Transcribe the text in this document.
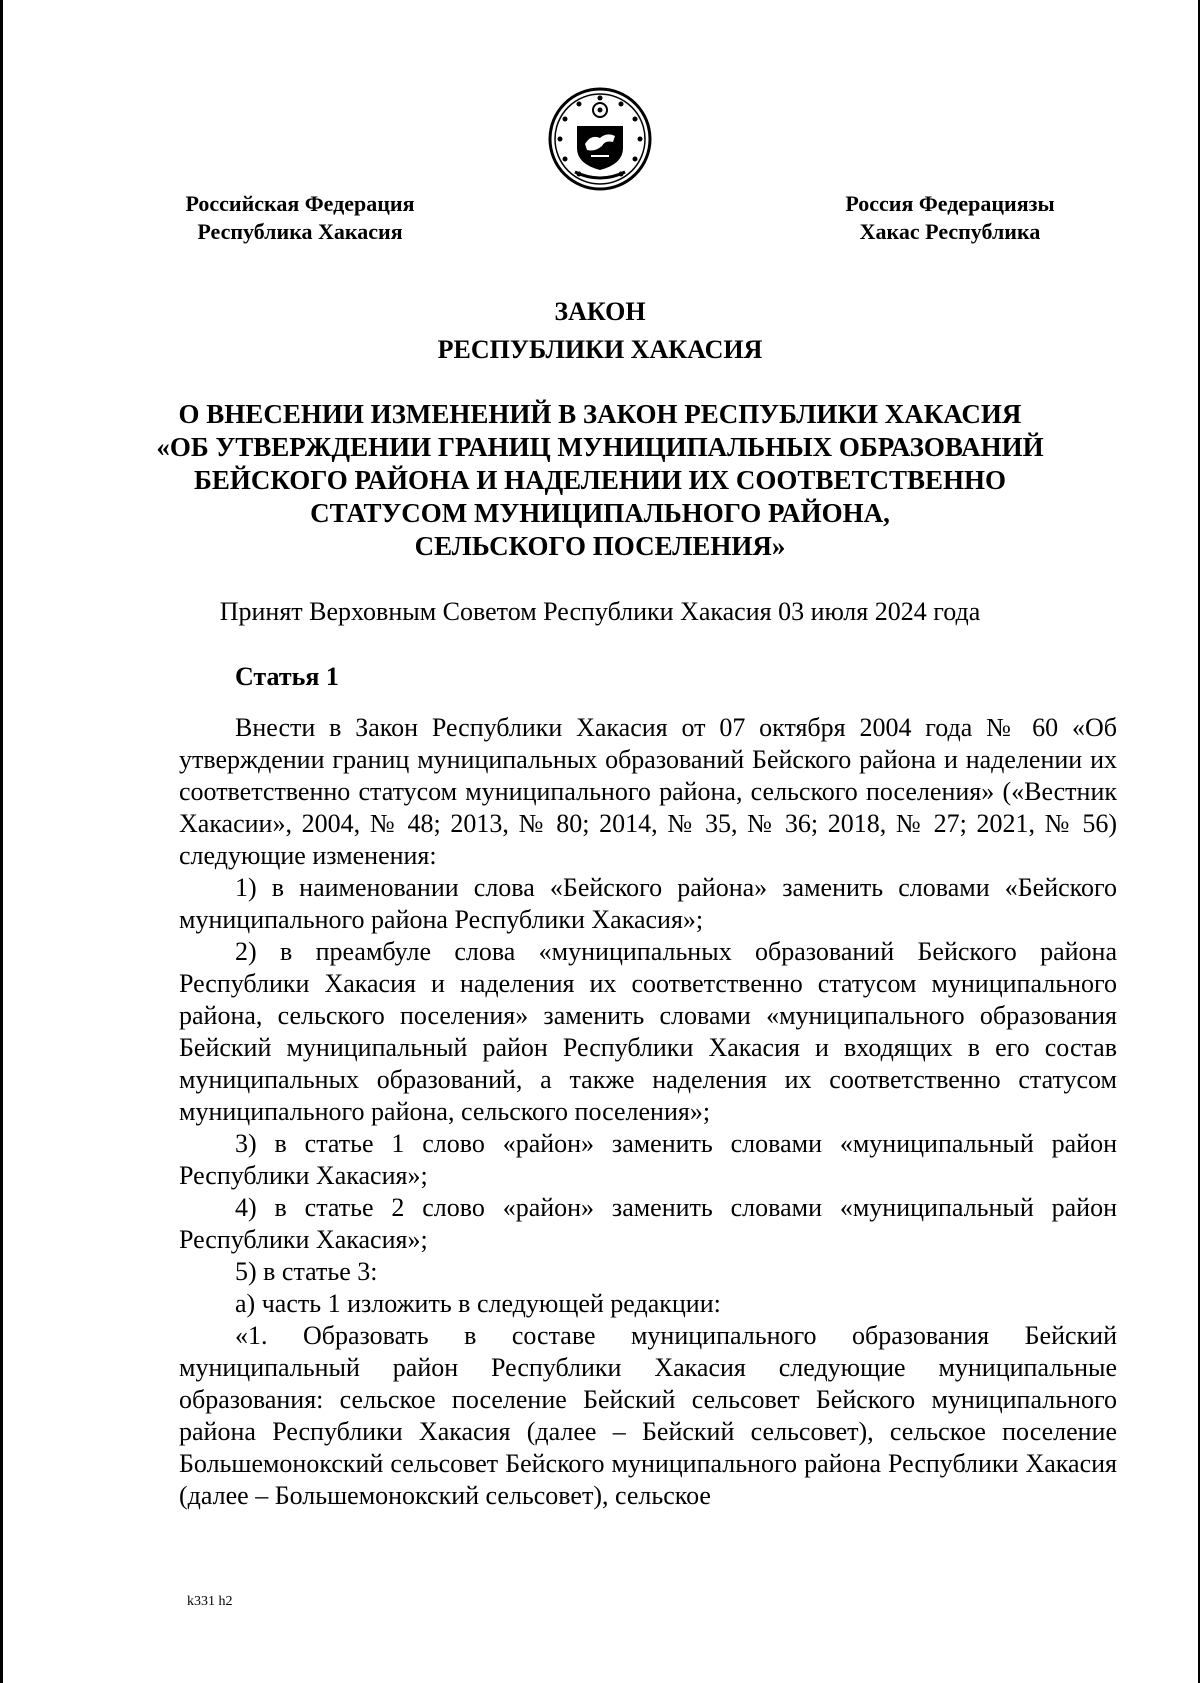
Российская Федерация
Республика Хакасия
Россия Федерациязы
Хакас Республика
ЗАКОН
РЕСПУБЛИКИ ХАКАСИЯ
О ВНЕСЕНИИ ИЗМЕНЕНИЙ В ЗАКОН РЕСПУБЛИКИ ХАКАСИЯ
«ОБ УТВЕРЖДЕНИИ ГРАНИЦ МУНИЦИПАЛЬНЫХ ОБРАЗОВАНИЙ
БЕЙСКОГО РАЙОНА И НАДЕЛЕНИИ ИХ СООТВЕТСТВЕННО
СТАТУСОМ МУНИЦИПАЛЬНОГО РАЙОНА,
СЕЛЬСКОГО ПОСЕЛЕНИЯ»
Принят Верховным Советом Республики Хакасия 03 июля 2024 года
Статья 1

Внести в Закон Республики Хакасия от 07 октября 2004 года № 60 «Об утверждении границ муниципальных образований Бейского района и наделении их соответственно статусом муниципального района, сельского поселения» («Вестник Хакасии», 2004, № 48; 2013, № 80; 2014, № 35, № 36; 2018, № 27; 2021, № 56) следующие изменения:

1) в наименовании слова «Бейского района» заменить словами «Бейского муниципального района Республики Хакасия»;

2) в преамбуле слова «муниципальных образований Бейского района Республики Хакасия и наделения их соответственно статусом муниципального района, сельского поселения» заменить словами «муниципального образования Бейский муниципальный район Республики Хакасия и входящих в его состав муниципальных образований, а также наделения их соответственно статусом муниципального района, сельского поселения»;

3) в статье 1 слово «район» заменить словами «муниципальный район Республики Хакасия»;

4) в статье 2 слово «район» заменить словами «муниципальный район Республики Хакасия»;

5) в статье 3:

а) часть 1 изложить в следующей редакции:

«1. Образовать в составе муниципального образования Бейский муниципальный район Республики Хакасия следующие муниципальные образования: сельское поселение Бейский сельсовет Бейского муниципального района Республики Хакасия (далее – Бейский сельсовет), сельское поселение Большемонокский сельсовет Бейского муниципального района Республики Хакасия (далее – Большемонокский сельсовет), сельское

k331 h2
